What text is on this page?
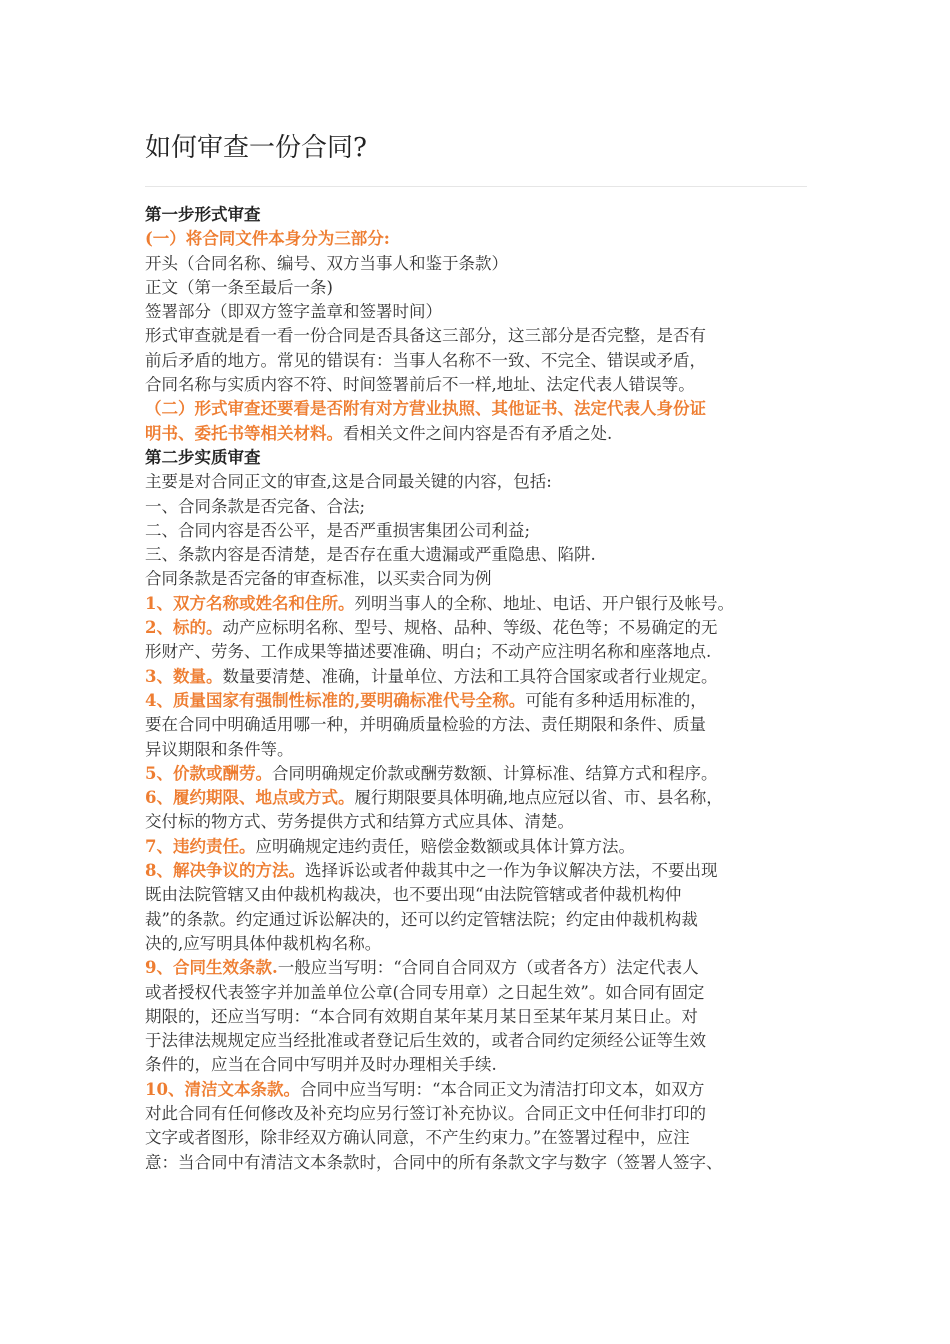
如何审查一份合同?

第一步形式审查

(一）将合同文件本身分为三部分:

开头（合同名称、编号、双方当事人和鉴于条款）

正文（第一条至最后一条)

签署部分（即双方签字盖章和签署时间）

形式审查就是看一看一份合同是否具备这三部分，这三部分是否完整，是否有

前后矛盾的地方。常见的错误有：当事人名称不一致、不完全、错误或矛盾，

合同名称与实质内容不符、时间签署前后不一样,地址、法定代表人错误等。

（二）形式审查还要看是否附有对方营业执照、其他证书、法定代表人身份证

明书、委托书等相关材料。看相关文件之间内容是否有矛盾之处.

第二步实质审查

主要是对合同正文的审查,这是合同最关键的内容，包括:

一、合同条款是否完备、合法;

二、合同内容是否公平，是否严重损害集团公司利益;

三、条款内容是否清楚，是否存在重大遗漏或严重隐患、陷阱.

合同条款是否完备的审查标准，以买卖合同为例

1、双方名称或姓名和住所。列明当事人的全称、地址、电话、开户银行及帐号。

2、标的。动产应标明名称、型号、规格、品种、等级、花色等；不易确定的无

形财产、劳务、工作成果等描述要准确、明白；不动产应注明名称和座落地点.

3、数量。数量要清楚、准确，计量单位、方法和工具符合国家或者行业规定。

4、质量国家有强制性标准的,要明确标准代号全称。可能有多种适用标准的，

要在合同中明确适用哪一种，并明确质量检验的方法、责任期限和条件、质量

异议期限和条件等。

5、价款或酬劳。合同明确规定价款或酬劳数额、计算标准、结算方式和程序。

6、履约期限、地点或方式。履行期限要具体明确,地点应冠以省、市、县名称，

交付标的物方式、劳务提供方式和结算方式应具体、清楚。

7、违约责任。应明确规定违约责任，赔偿金数额或具体计算方法。

8、解决争议的方法。选择诉讼或者仲裁其中之一作为争议解决方法，不要出现

既由法院管辖又由仲裁机构裁决，也不要出现“由法院管辖或者仲裁机构仲

裁”的条款。约定通过诉讼解决的，还可以约定管辖法院；约定由仲裁机构裁

决的,应写明具体仲裁机构名称。

9、合同生效条款.一般应当写明：“合同自合同双方（或者各方）法定代表人

或者授权代表签字并加盖单位公章(合同专用章）之日起生效”。如合同有固定

期限的，还应当写明：“本合同有效期自某年某月某日至某年某月某日止。对

于法律法规规定应当经批准或者登记后生效的，或者合同约定须经公证等生效

条件的，应当在合同中写明并及时办理相关手续.

10、清洁文本条款。合同中应当写明：“本合同正文为清洁打印文本，如双方

对此合同有任何修改及补充均应另行签订补充协议。合同正文中任何非打印的

文字或者图形，除非经双方确认同意，不产生约束力。”在签署过程中，应注

意：当合同中有清洁文本条款时，合同中的所有条款文字与数字（签署人签字、
